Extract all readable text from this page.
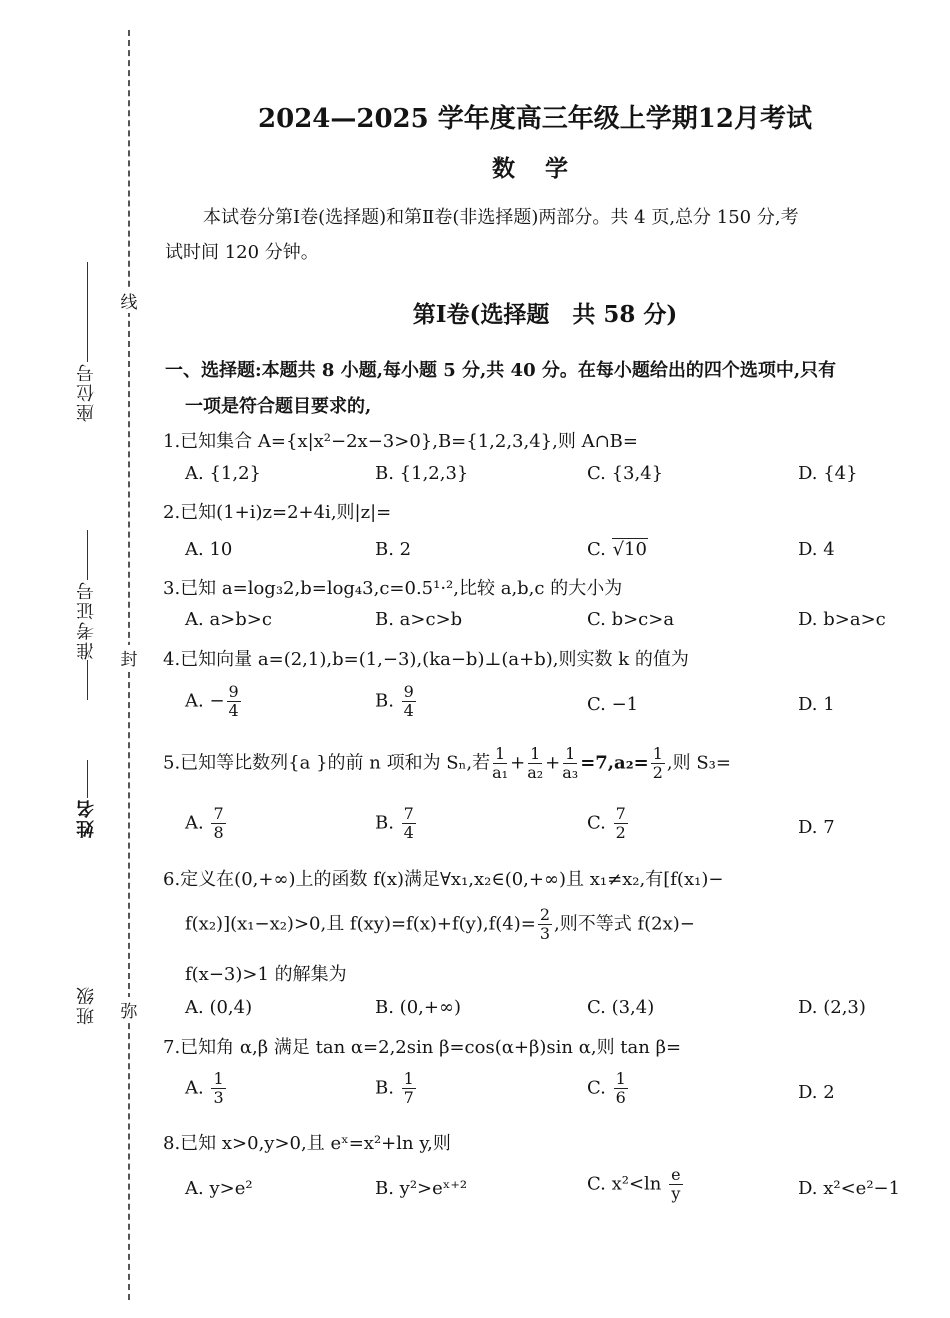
线
封
弥
座位号
准考证号
姓名
班级
2024—2025 学年度高三年级上学期12月考试
数学
本试卷分第Ⅰ卷(选择题)和第Ⅱ卷(非选择题)两部分。共 4 页,总分 150 分,考
试时间 120 分钟。
第Ⅰ卷(选择题　共 58 分)
一、选择题:本题共 8 小题,每小题 5 分,共 40 分。在每小题给出的四个选项中,只有
一项是符合题目要求的,
1.已知集合 A={x|x²−2x−3>0},B={1,2,3,4},则 A∩B=
A. {1,2}	B. {1,2,3}	C. {3,4}	D. {4}
2.已知(1+i)z=2+4i,则|z|=
A. 10	B. 2	C. √10	D. 4
3.已知 a=log₃2,b=log₄3,c=0.5¹·²,比较 a,b,c 的大小为
A. a>b>c	B. a>c>b	C. b>c>a	D. b>a>c
4.已知向量 a=(2,1),b=(1,−3),(ka−b)⊥(a+b),则实数 k 的值为
A. − $\frac{9}{4}$	B. $\frac{9}{4}$	C. −1	D. 1
5.已知等比数列{a }的前 n 项和为 Sₙ,若 $\frac{1}{\text{a₁}} + \frac{1}{\text{a₂}} + \frac{1}{\text{a₃}} =7,a_2= \frac{1}{2}$ ,则 S₃=
A. $\frac{7}{8}$	B. $\frac{7}{4}$	C. $\frac{7}{2}$	D. 7
6.定义在(0,+∞)上的函数 f(x)满足∀x₁,x₂∈(0,+∞)且 x₁≠x₂,有[f(x₁)−
f(x₂)](x₁−x₂)>0,且 $f(xy)=f(x)+f(y),f(4)= \frac{2}{3}$ ,则不等式 f(2x)−
f(x−3)>1 的解集为
A. (0,4)	B. (0,+∞)	C. (3,4)	D. (2,3)
7.已知角 α,β 满足 tan α=2,2sin β=cos(α+β)sin α,则 tan β=
A. $\frac{1}{3}$	B. $\frac{1}{7}$	C. $\frac{1}{6}$	D. 2
8.已知 x>0,y>0,且 eˣ=x²+ln y,则
A. y>e²	B. y²>eˣ⁺²	C. $x^2<\ln \frac{e}{y}$	D. x²<e²−1
